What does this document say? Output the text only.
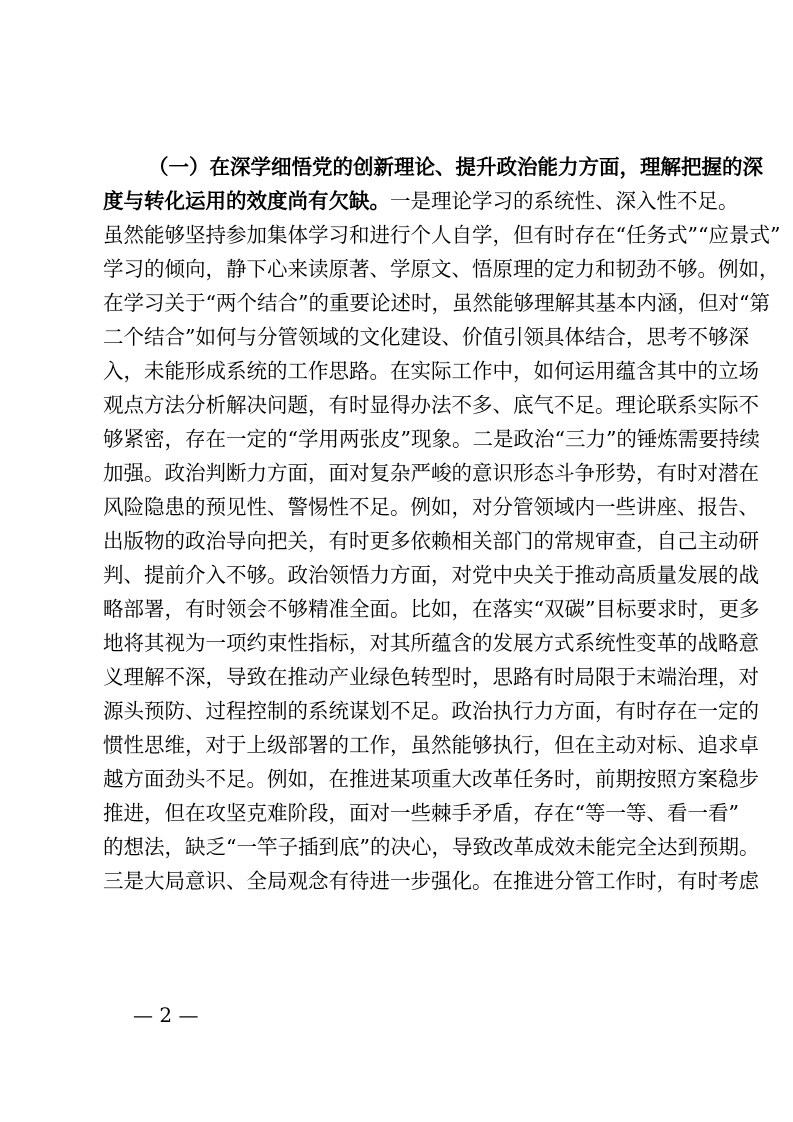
（一）在深学细悟党的创新理论、提升政治能力方面，理解把握的深
度与转化运用的效度尚有欠缺。一是理论学习的系统性、深入性不足。
虽然能够坚持参加集体学习和进行个人自学，但有时存在“任务式”“应景式”
学习的倾向，静下心来读原著、学原文、悟原理的定力和韧劲不够。例如，
在学习关于“两个结合”的重要论述时，虽然能够理解其基本内涵，但对“第
二个结合”如何与分管领域的文化建设、价值引领具体结合，思考不够深
入，未能形成系统的工作思路。在实际工作中，如何运用蕴含其中的立场
观点方法分析解决问题，有时显得办法不多、底气不足。理论联系实际不
够紧密，存在一定的“学用两张皮”现象。二是政治“三力”的锤炼需要持续
加强。政治判断力方面，面对复杂严峻的意识形态斗争形势，有时对潜在
风险隐患的预见性、警惕性不足。例如，对分管领域内一些讲座、报告、
出版物的政治导向把关，有时更多依赖相关部门的常规审查，自己主动研
判、提前介入不够。政治领悟力方面，对党中央关于推动高质量发展的战
略部署，有时领会不够精准全面。比如，在落实“双碳”目标要求时，更多
地将其视为一项约束性指标，对其所蕴含的发展方式系统性变革的战略意
义理解不深，导致在推动产业绿色转型时，思路有时局限于末端治理，对
源头预防、过程控制的系统谋划不足。政治执行力方面，有时存在一定的
惯性思维，对于上级部署的工作，虽然能够执行，但在主动对标、追求卓
越方面劲头不足。例如，在推进某项重大改革任务时，前期按照方案稳步
推进，但在攻坚克难阶段，面对一些棘手矛盾，存在“等一等、看一看”
的想法，缺乏“一竿子插到底”的决心，导致改革成效未能完全达到预期。
三是大局意识、全局观念有待进一步强化。在推进分管工作时，有时考虑
— 2 —
